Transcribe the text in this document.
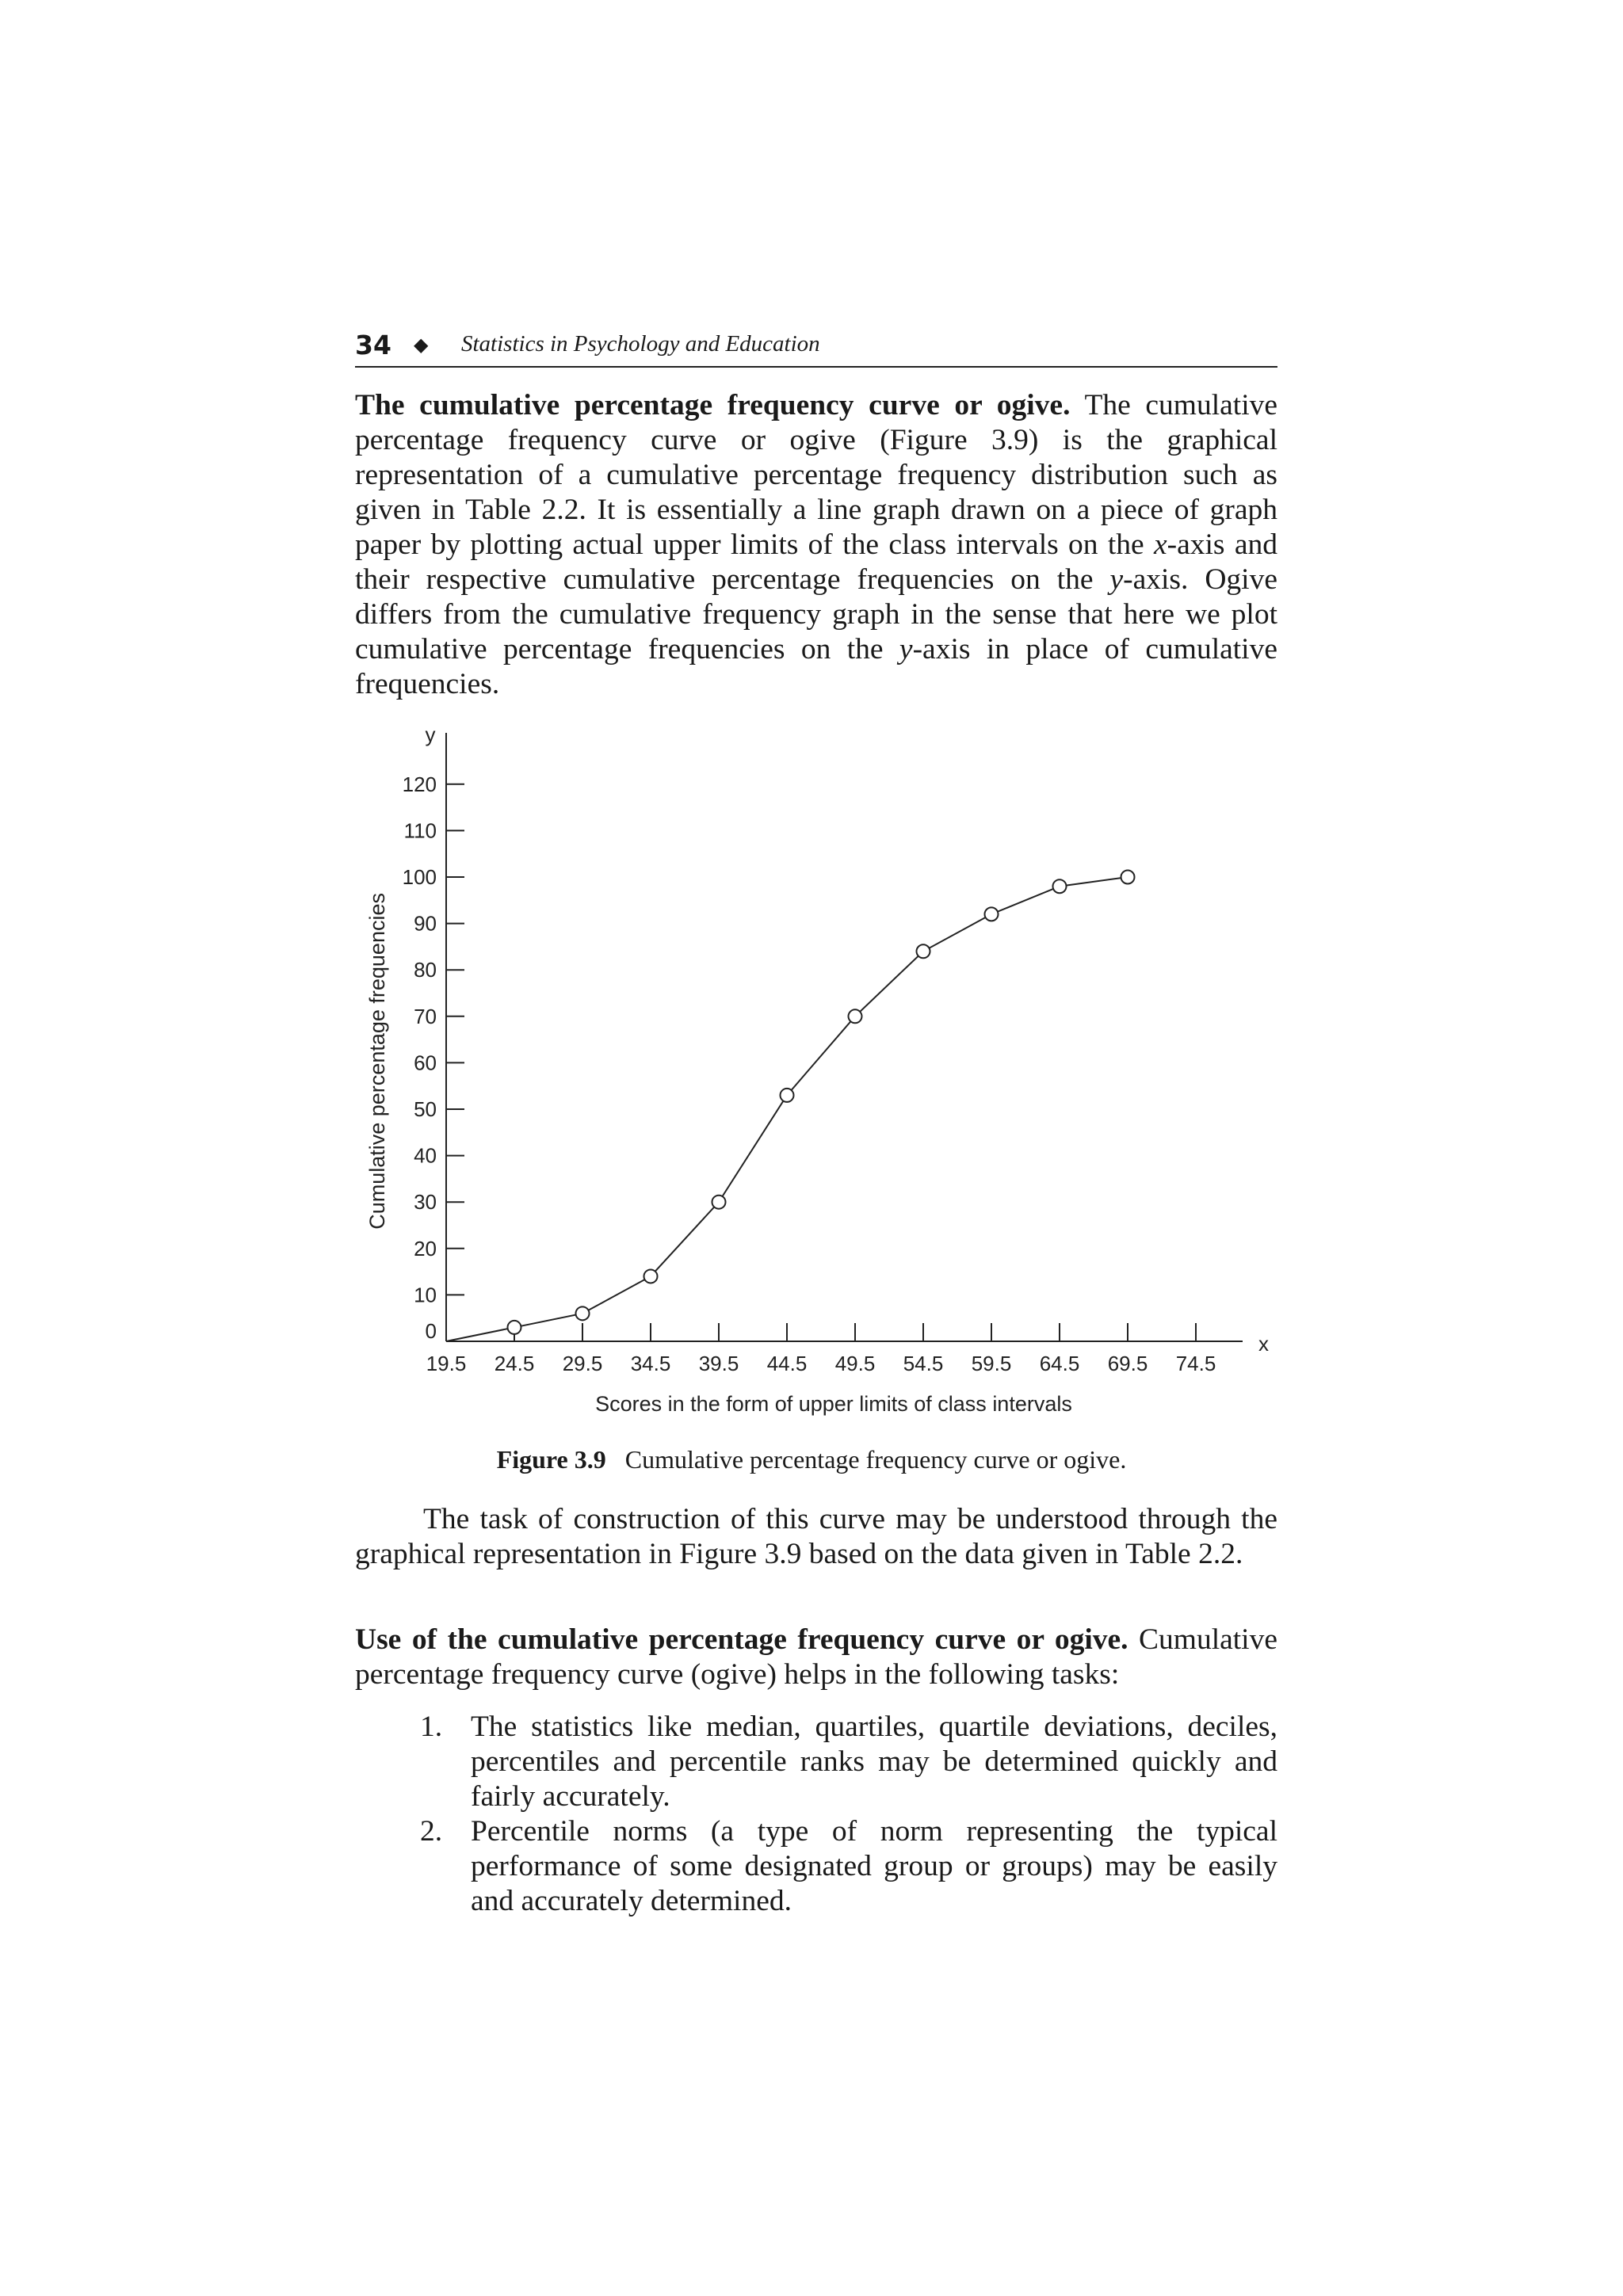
34 ◆ Statistics in Psychology and Education

The cumulative percentage frequency curve or ogive. The cumulative percentage frequency curve or ogive (Figure 3.9) is the graphical representation of a cumulative percentage frequency distribution such as given in Table 2.2. It is essentially a line graph drawn on a piece of graph paper by plotting actual upper limits of the class intervals on the x-axis and their respective cumulative percentage frequencies on the y-axis. Ogive differs from the cumulative frequency graph in the sense that here we plot cumulative percentage frequencies on the y-axis in place of cumulative frequencies.

x
y
0
10
20
30
40
50
60
70
80
90
100
110
120
19.5 24.5 29.5 34.5 39.5 44.5 49.5 54.5 59.5 64.5 69.5 74.5
Scores in the form of upper limits of class intervals
Cumulative percentage frequencies
Figure 3.9 Cumulative percentage frequency curve or ogive.

The task of construction of this curve may be understood through the graphical representation in Figure 3.9 based on the data given in Table 2.2.

Use of the cumulative percentage frequency curve or ogive. Cumulative percentage frequency curve (ogive) helps in the following tasks:

1. The statistics like median, quartiles, quartile deviations, deciles, percentiles and percentile ranks may be determined quickly and fairly accurately.
2. Percentile norms (a type of norm representing the typical performance of some designated group or groups) may be easily and accurately determined.
